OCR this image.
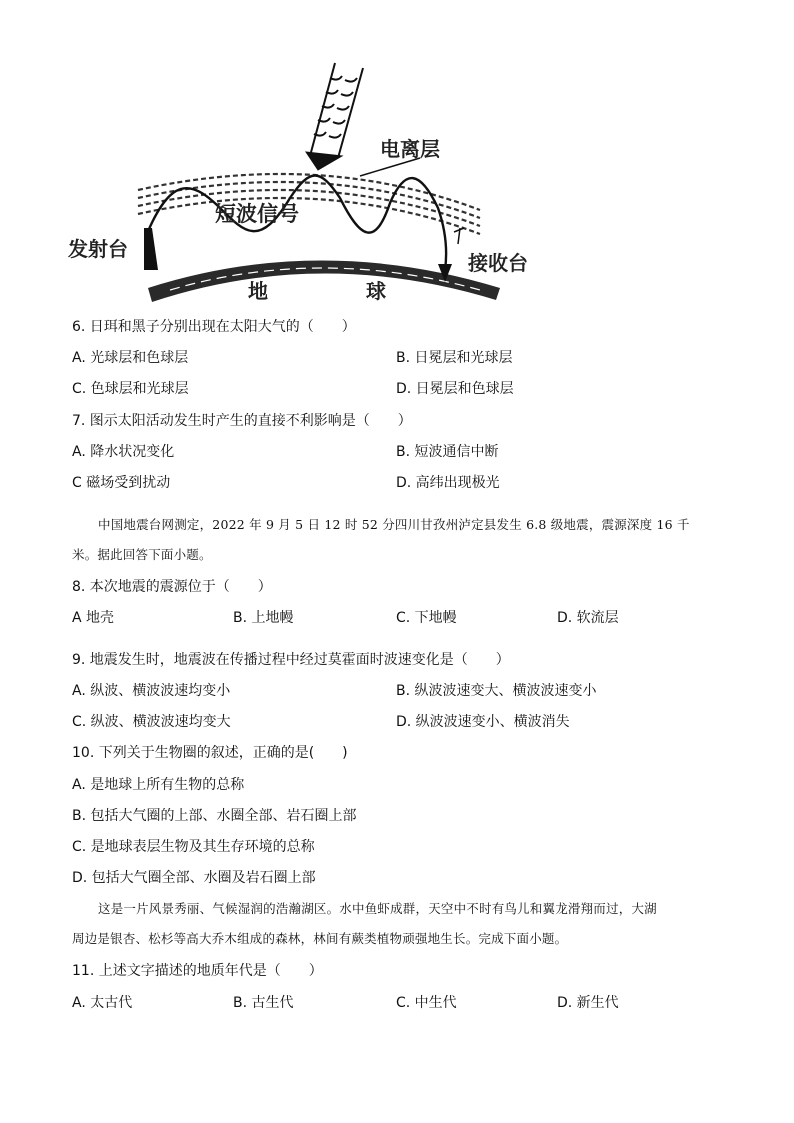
电离层
短波信号
发射台
接收台
地	球
6. 日珥和黑子分别出现在太阳大气的（　　）
A. 光球层和色球层	B. 日冕层和光球层
C. 色球层和光球层	D. 日冕层和色球层
7. 图示太阳活动发生时产生的直接不利影响是（　　）
A. 降水状况变化	B. 短波通信中断
C 磁场受到扰动	D. 高纬出现极光

中国地震台网测定，2022 年 9 月 5 日 12 时 52 分四川甘孜州泸定县发生 6.8 级地震，震源深度 16 千

米。据此回答下面小题。

8. 本次地震的震源位于（　　）
A 地壳	B. 上地幔	C. 下地幔	D. 软流层
9. 地震发生时，地震波在传播过程中经过莫霍面时波速变化是（　　）
A. 纵波、横波波速均变小	B. 纵波波速变大、横波波速变小
C. 纵波、横波波速均变大	D. 纵波波速变小、横波消失
10. 下列关于生物圈的叙述，正确的是(　　)
A. 是地球上所有生物的总称
B. 包括大气圈的上部、水圈全部、岩石圈上部
C. 是地球表层生物及其生存环境的总称
D. 包括大气圈全部、水圈及岩石圈上部

这是一片风景秀丽、气候湿润的浩瀚湖区。水中鱼虾成群，天空中不时有鸟儿和翼龙滑翔而过，大湖

周边是银杏、松杉等高大乔木组成的森林，林间有蕨类植物顽强地生长。完成下面小题。

11. 上述文字描述的地质年代是（　　）
A. 太古代	B. 古生代	C. 中生代	D. 新生代
